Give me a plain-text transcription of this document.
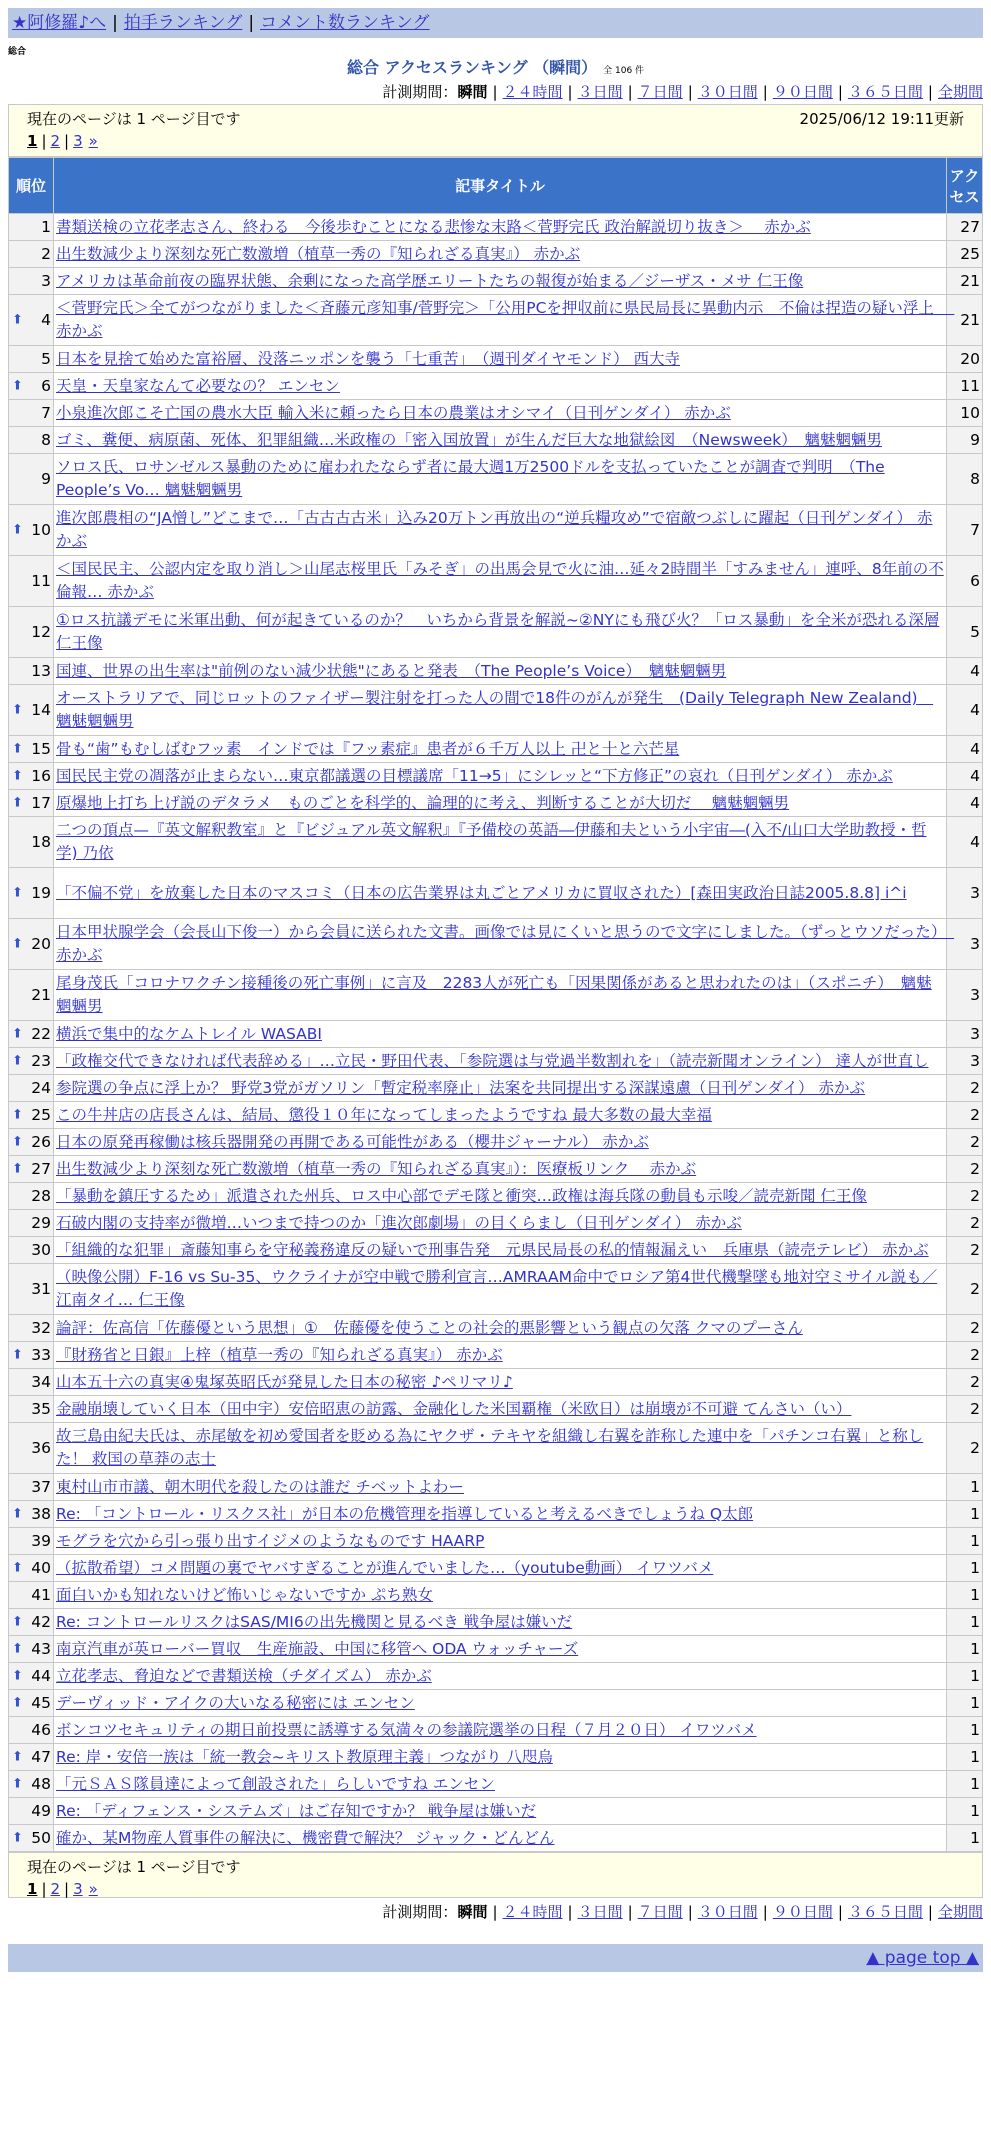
★阿修羅♪へ | 拍手ランキング | コメント数ランキング
総合
総合 アクセスランキング （瞬間） 全 106 件
計測期間：瞬間 | ２４時間 | ３日間 | ７日間 | ３０日間 | ９０日間 | ３６５日間 | 全期間
現在のページは 1 ページ目です	2025/06/12 19:11更新
1 | 2 | 3 »
順位	記事タイトル	アクセス
1	書類送検の立花孝志さん、終わる　今後歩むことになる悲惨な末路＜菅野完氏 政治解説切り抜き＞　 赤かぶ	27
2	出生数減少より深刻な死亡数激増（植草一秀の『知られざる真実』） 赤かぶ	25
3	アメリカは革命前夜の臨界状態、余剰になった高学歴エリートたちの報復が始まる／ジーザス・メサ 仁王像	21

⬆ 4	＜菅野完氏＞全てがつながりました＜斉藤元彦知事/菅野完＞「公用PCを押収前に県民局長に異動内示　不倫は捏造の疑い浮上　 赤かぶ	21
5	日本を見捨て始めた富裕層、没落ニッポンを襲う「七重苦」　（週刊ダイヤモンド） 西大寺	20

⬆ 6	天皇・天皇家なんて必要なの？ エンセン	11
7	小泉進次郎こそ亡国の農水大臣 輸入米に頼ったら日本の農業はオシマイ（日刊ゲンダイ） 赤かぶ	10
8	ゴミ、糞便、病原菌、死体、犯罪組織…米政権の「密入国放置」が生んだ巨大な地獄絵図　（Newsweek）　魑魅魍魎男	9
9	ソロス氏、ロサンゼルス暴動のために雇われたならず者に最大週1万2500ドルを支払っていたことが調査で判明　（The People’s Vo… 魑魅魍魎男	8

⬆ 10	進次郎農相の“JA憎し”どこまで…「古古古古米」込み20万トン再放出の“逆兵糧攻め”で宿敵つぶしに躍起（日刊ゲンダイ） 赤かぶ	7
11	＜国民民主、公認内定を取り消し＞山尾志桜里氏「みそぎ」の出馬会見で火に油…延々2時間半「すみません」連呼、8年前の不倫報… 赤かぶ	6
12	①ロス抗議デモに米軍出動、何が起きているのか？　いちから背景を解説~②NYにも飛び火？「ロス暴動」を全米が恐れる深層 仁王像	5
13	国連、世界の出生率は"前例のない減少状態"にあると発表　（The People’s Voice）　魑魅魍魎男	4

⬆ 14	オーストラリアで、同じロットのファイザー製注射を打った人の間で18件のがんが発生　(Daily Telegraph New Zealand)　魑魅魍魎男	4

⬆ 15	骨も“歯”もむしばむフッ素　インドでは『フッ素症』患者が６千万人以上 卍と十と六芒星	4

⬆ 16	国民民主党の凋落が止まらない…東京都議選の目標議席「11→5」にシレッと“下方修正”の哀れ（日刊ゲンダイ） 赤かぶ	4

⬆ 17	原爆地上打ち上げ説のデタラメ　ものごとを科学的、論理的に考え、判断することが大切だ　 魑魅魍魎男	4
18	二つの頂点—『英文解釈教室』と『ビジュアル英文解釈』『予備校の英語―伊藤和夫という小宇宙―(入不/山口大学助教授・哲学) 乃依	4

⬆ 19	「不偏不党」を放棄した日本のマスコミ（日本の広告業界は丸ごとアメリカに買収された）[森田実政治日誌2005.8.8] i^i	3

⬆ 20	日本甲状腺学会（会長山下俊一）から会員に送られた文書。画像では見にくいと思うので文字にしました。（ずっとウソだった）　赤かぶ	3
21	尾身茂氏「コロナワクチン接種後の死亡事例」に言及　2283人が死亡も「因果関係があると思われたのは」（スポニチ）　魑魅魍魎男	3

⬆ 22	横浜で集中的なケムトレイル WASABI	3

⬆ 23	「政権交代できなければ代表辞める」…立民・野田代表、「参院選は与党過半数割れを」（読売新聞オンライン） 達人が世直し	3
24	参院選の争点に浮上か？ 野党3党がガソリン「暫定税率廃止」法案を共同提出する深謀遠慮（日刊ゲンダイ） 赤かぶ	2

⬆ 25	この牛丼店の店長さんは、結局、懲役１０年になってしまったようですね 最大多数の最大幸福	2

⬆ 26	日本の原発再稼働は核兵器開発の再開である可能性がある（櫻井ジャーナル） 赤かぶ	2

⬆ 27	出生数減少より深刻な死亡数激増（植草一秀の『知られざる真実』）：医療板リンク　 赤かぶ	2
28	「暴動を鎮圧するため」派遣された州兵、ロス中心部でデモ隊と衝突…政権は海兵隊の動員も示唆／読売新聞 仁王像	2
29	石破内閣の支持率が微増…いつまで持つのか「進次郎劇場」の目くらまし（日刊ゲンダイ） 赤かぶ	2
30	「組織的な犯罪」斎藤知事らを守秘義務違反の疑いで刑事告発　元県民局長の私的情報漏えい　兵庫県（読売テレビ） 赤かぶ	2
31	（映像公開）F-16 vs Su-35、ウクライナが空中戦で勝利宣言…AMRAAM命中でロシア第4世代機撃墜も地対空ミサイル説も／江南タイ… 仁王像	2
32	論評：佐高信「佐藤優という思想」①　佐藤優を使うことの社会的悪影響という観点の欠落 クマのプーさん	2

⬆ 33	『財務省と日銀』上梓（植草一秀の『知られざる真実』） 赤かぶ	2
34	山本五十六の真実④鬼塚英昭氏が発見した日本の秘密 ♪ペリマリ♪	2
35	金融崩壊していく日本（田中宇）安倍昭恵の訪露、金融化した米国覇権（米欧日）は崩壊が不可避 てんさい（い）	2
36	故三島由紀夫氏は、赤尾敏を初め愛国者を貶める為にヤクザ・テキヤを組織し右翼を詐称した連中を「パチンコ右翼」と称した！ 救国の草莽の志士	2
37	東村山市市議、朝木明代を殺したのは誰だ チベットよわー	1

⬆ 38	Re: 「コントロール・リスクス社」が日本の危機管理を指導していると考えるべきでしょうね Q太郎	1
39	モグラを穴から引っ張り出すイジメのようなものです HAARP	1

⬆ 40	（拡散希望）コメ問題の裏でヤバすぎることが進んでいました…（youtube動画） イワツバメ	1
41	面白いかも知れないけど怖いじゃないですか ぷち熟女	1

⬆ 42	Re: コントロールリスクはSAS/MI6の出先機関と見るべき 戦争屋は嫌いだ	1

⬆ 43	南京汽車が英ローバー買収　生産施設、中国に移管へ ODA ウォッチャーズ	1

⬆ 44	立花孝志、脅迫などで書類送検（チダイズム） 赤かぶ	1

⬆ 45	デーヴィッド・アイクの大いなる秘密には エンセン	1
46	ボンコツセキュリティの期日前投票に誘導する気満々の参議院選挙の日程（７月２０日） イワツバメ	1

⬆ 47	Re: 岸・安倍一族は「統一教会~キリスト教原理主義」つながり 八咫烏	1

⬆ 48	「元ＳＡＳ隊員達によって創設された」らしいですね エンセン	1
49	Re: 「ディフェンス・システムズ」はご存知ですか？ 戦争屋は嫌いだ	1

⬆ 50	確か、某M物産人質事件の解決に、機密費で解決？ ジャック・どんどん	1
現在のページは 1 ページ目です
1 | 2 | 3 »
計測期間：瞬間 | ２４時間 | ３日間 | ７日間 | ３０日間 | ９０日間 | ３６５日間 | 全期間
▲ page top ▲
